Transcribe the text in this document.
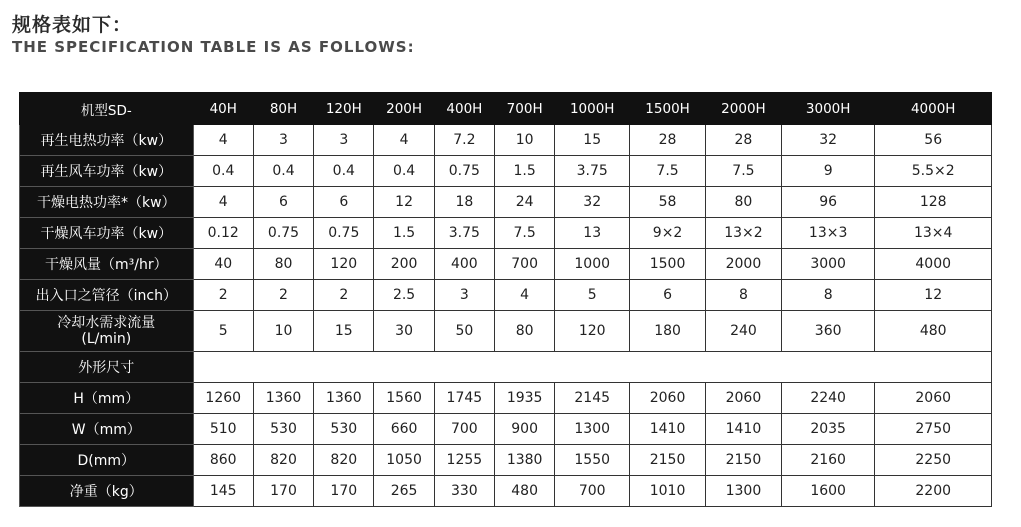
规格表如下：
THE SPECIFICATION TABLE IS AS FOLLOWS:
机型SD-	40H	80H	120H	200H	400H	700H	1000H	1500H	2000H	3000H	4000H
再生电热功率（kw）	4	3	3	4	7.2	10	15	28	28	32	56
再生风车功率（kw）	0.4	0.4	0.4	0.4	0.75	1.5	3.75	7.5	7.5	9	5.5×2
干燥电热功率*（kw）	4	6	6	12	18	24	32	58	80	96	128
干燥风车功率（kw）	0.12	0.75	0.75	1.5	3.75	7.5	13	9×2	13×2	13×3	13×4
干燥风量（m³/hr）	40	80	120	200	400	700	1000	1500	2000	3000	4000
出入口之管径（inch）	2	2	2	2.5	3	4	5	6	8	8	12
冷却水需求流量
(L/min)	5	10	15	30	50	80	120	180	240	360	480
外形尺寸											
H（mm）	1260	1360	1360	1560	1745	1935	2145	2060	2060	2240	2060
W（mm）	510	530	530	660	700	900	1300	1410	1410	2035	2750
D(mm）	860	820	820	1050	1255	1380	1550	2150	2150	2160	2250
净重（kg）	145	170	170	265	330	480	700	1010	1300	1600	2200
